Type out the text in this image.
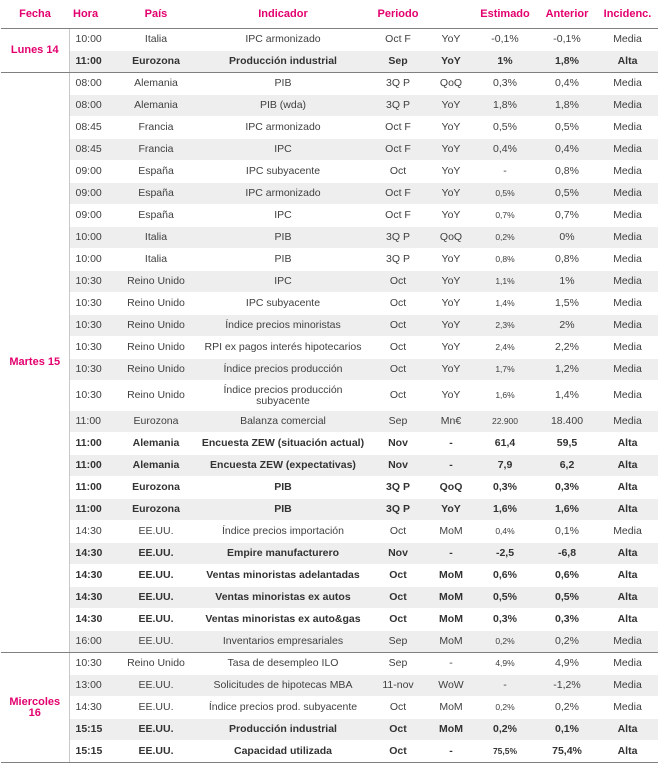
Fecha	Hora	País	Indicador	Periodo		Estimado	Anterior	Incidenc.
Lunes 14	10:00	Italia	IPC armonizado	Oct F	YoY	-0,1%	-0,1%	Media
	11:00	Eurozona	Producción industrial	Sep	YoY	1%	1,8%	Alta
Martes 15	08:00	Alemania	PIB	3Q P	QoQ	0,3%	0,4%	Media
	08:00	Alemania	PIB (wda)	3Q P	YoY	1,8%	1,8%	Media
	08:45	Francia	IPC armonizado	Oct F	YoY	0,5%	0,5%	Media
	08:45	Francia	IPC	Oct F	YoY	0,4%	0,4%	Media
	09:00	España	IPC subyacente	Oct	YoY	-	0,8%	Media
	09:00	España	IPC armonizado	Oct F	YoY	0,5%	0,5%	Media
	09:00	España	IPC	Oct F	YoY	0,7%	0,7%	Media
	10:00	Italia	PIB	3Q P	QoQ	0,2%	0%	Media
	10:00	Italia	PIB	3Q P	YoY	0,8%	0,8%	Media
	10:30	Reino Unido	IPC	Oct	YoY	1,1%	1%	Media
	10:30	Reino Unido	IPC subyacente	Oct	YoY	1,4%	1,5%	Media
	10:30	Reino Unido	Índice precios minoristas	Oct	YoY	2,3%	2%	Media
	10:30	Reino Unido	RPI ex pagos interés hipotecarios	Oct	YoY	2,4%	2,2%	Media
	10:30	Reino Unido	Índice precios producción	Oct	YoY	1,7%	1,2%	Media
	10:30	Reino Unido	Índice precios producción subyacente	Oct	YoY	1,6%	1,4%	Media
	11:00	Eurozona	Balanza comercial	Sep	Mn€	22.900	18.400	Media
	11:00	Alemania	Encuesta ZEW (situación actual)	Nov	-	61,4	59,5	Alta
	11:00	Alemania	Encuesta ZEW (expectativas)	Nov	-	7,9	6,2	Alta
	11:00	Eurozona	PIB	3Q P	QoQ	0,3%	0,3%	Alta
	11:00	Eurozona	PIB	3Q P	YoY	1,6%	1,6%	Alta
	14:30	EE.UU.	Índice precios importación	Oct	MoM	0,4%	0,1%	Media
	14:30	EE.UU.	Empire manufacturero	Nov	-	-2,5	-6,8	Alta
	14:30	EE.UU.	Ventas minoristas adelantadas	Oct	MoM	0,6%	0,6%	Alta
	14:30	EE.UU.	Ventas minoristas ex autos	Oct	MoM	0,5%	0,5%	Alta
	14:30	EE.UU.	Ventas minoristas ex auto&gas	Oct	MoM	0,3%	0,3%	Alta
	16:00	EE.UU.	Inventarios empresariales	Sep	MoM	0,2%	0,2%	Media
Miercoles 16	10:30	Reino Unido	Tasa de desempleo ILO	Sep	-	4,9%	4,9%	Media
	13:00	EE.UU.	Solicitudes de hipotecas MBA	11-nov	WoW	-	-1,2%	Media
	14:30	EE.UU.	Índice precios prod. subyacente	Oct	MoM	0,2%	0,2%	Media
	15:15	EE.UU.	Producción industrial	Oct	MoM	0,2%	0,1%	Alta
	15:15	EE.UU.	Capacidad utilizada	Oct	-	75,5%	75,4%	Alta
